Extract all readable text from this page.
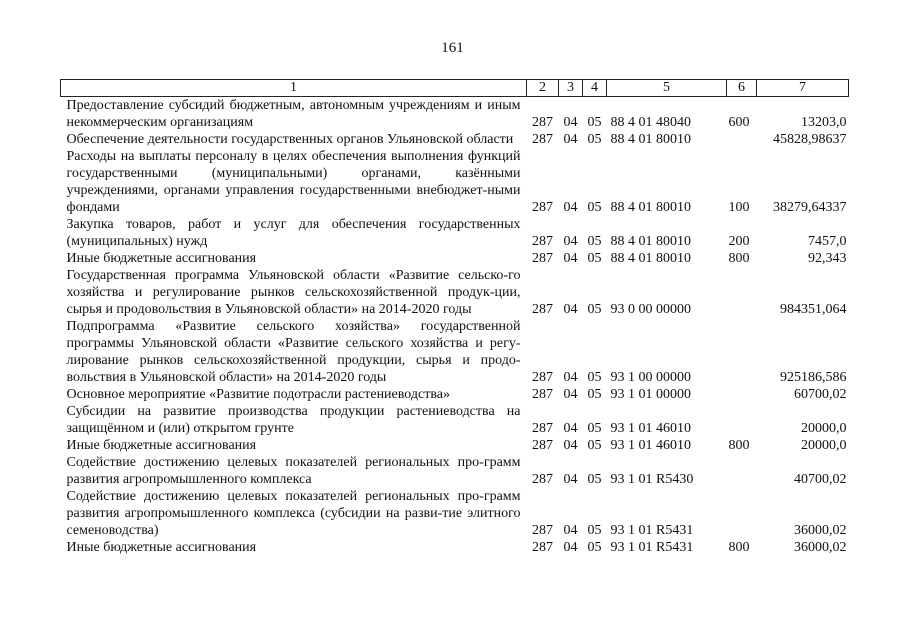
161
1	2	3	4	5	6	7
Предоставление субсидий бюджетным, автономным учреждениям и иным некоммерческим организациям	287	04	05	88 4 01 48040	600	13203,0
Обеспечение деятельности государственных органов Ульяновской области	287	04	05	88 4 01 80010		45828,98637
Расходы на выплаты персоналу в целях обеспечения выполнения функций государственными (муниципальными) органами, казёнными учреждениями, органами управления государственными внебюджет-ными фондами	287	04	05	88 4 01 80010	100	38279,64337
Закупка товаров, работ и услуг для обеспечения государственных (муниципальных) нужд	287	04	05	88 4 01 80010	200	7457,0
Иные бюджетные ассигнования	287	04	05	88 4 01 80010	800	92,343
Государственная программа Ульяновской области «Развитие сельско-го хозяйства и регулирование рынков сельскохозяйственной продук-ции, сырья и продовольствия в Ульяновской области» на 2014-2020 годы	287	04	05	93 0 00 00000		984351,064
Подпрограмма «Развитие сельского хозяйства» государственной программы Ульяновской области «Развитие сельского хозяйства и регу-лирование рынков сельскохозяйственной продукции, сырья и продо-вольствия в Ульяновской области» на 2014-2020 годы	287	04	05	93 1 00 00000		925186,586
Основное мероприятие «Развитие подотрасли растениеводства»	287	04	05	93 1 01 00000		60700,02
Субсидии на развитие производства продукции растениеводства на защищённом и (или) открытом грунте	287	04	05	93 1 01 46010		20000,0
Иные бюджетные ассигнования	287	04	05	93 1 01 46010	800	20000,0
Содействие достижению целевых показателей региональных про-грамм развития агропромышленного комплекса	287	04	05	93 1 01 R5430		40700,02
Содействие достижению целевых показателей региональных про-грамм развития агропромышленного комплекса (субсидии на разви-тие элитного семеноводства)	287	04	05	93 1 01 R5431		36000,02
Иные бюджетные ассигнования	287	04	05	93 1 01 R5431	800	36000,02
